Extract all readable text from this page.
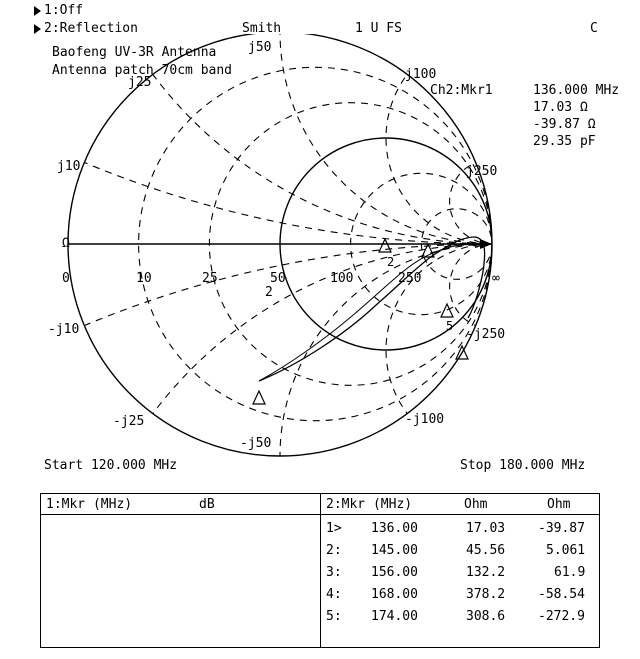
1:Off
2:Reflection	Smith	1 U FS	C
Baofeng UV-3R Antenna
Antenna patch 70cm band
Ch2:Mkr1	136.000 MHz
17.03 Ω
-39.87 Ω
29.35 pF
2
5
Ω
0	10	25	50	100	250	∞
j10
j25
j50
j100
j250
-j10
-j25
-j50
-j100
-j250
2
Start 120.000 MHz	Stop 180.000 MHz
1:Mkr (MHz)	dB	2:Mkr (MHz)	Ohm	Ohm
1> 136.00	17.03	-39.87
2: 145.00	45.56	5.061
3: 156.00	132.2	61.9
4: 168.00	378.2	-58.54
5: 174.00	308.6	-272.9
